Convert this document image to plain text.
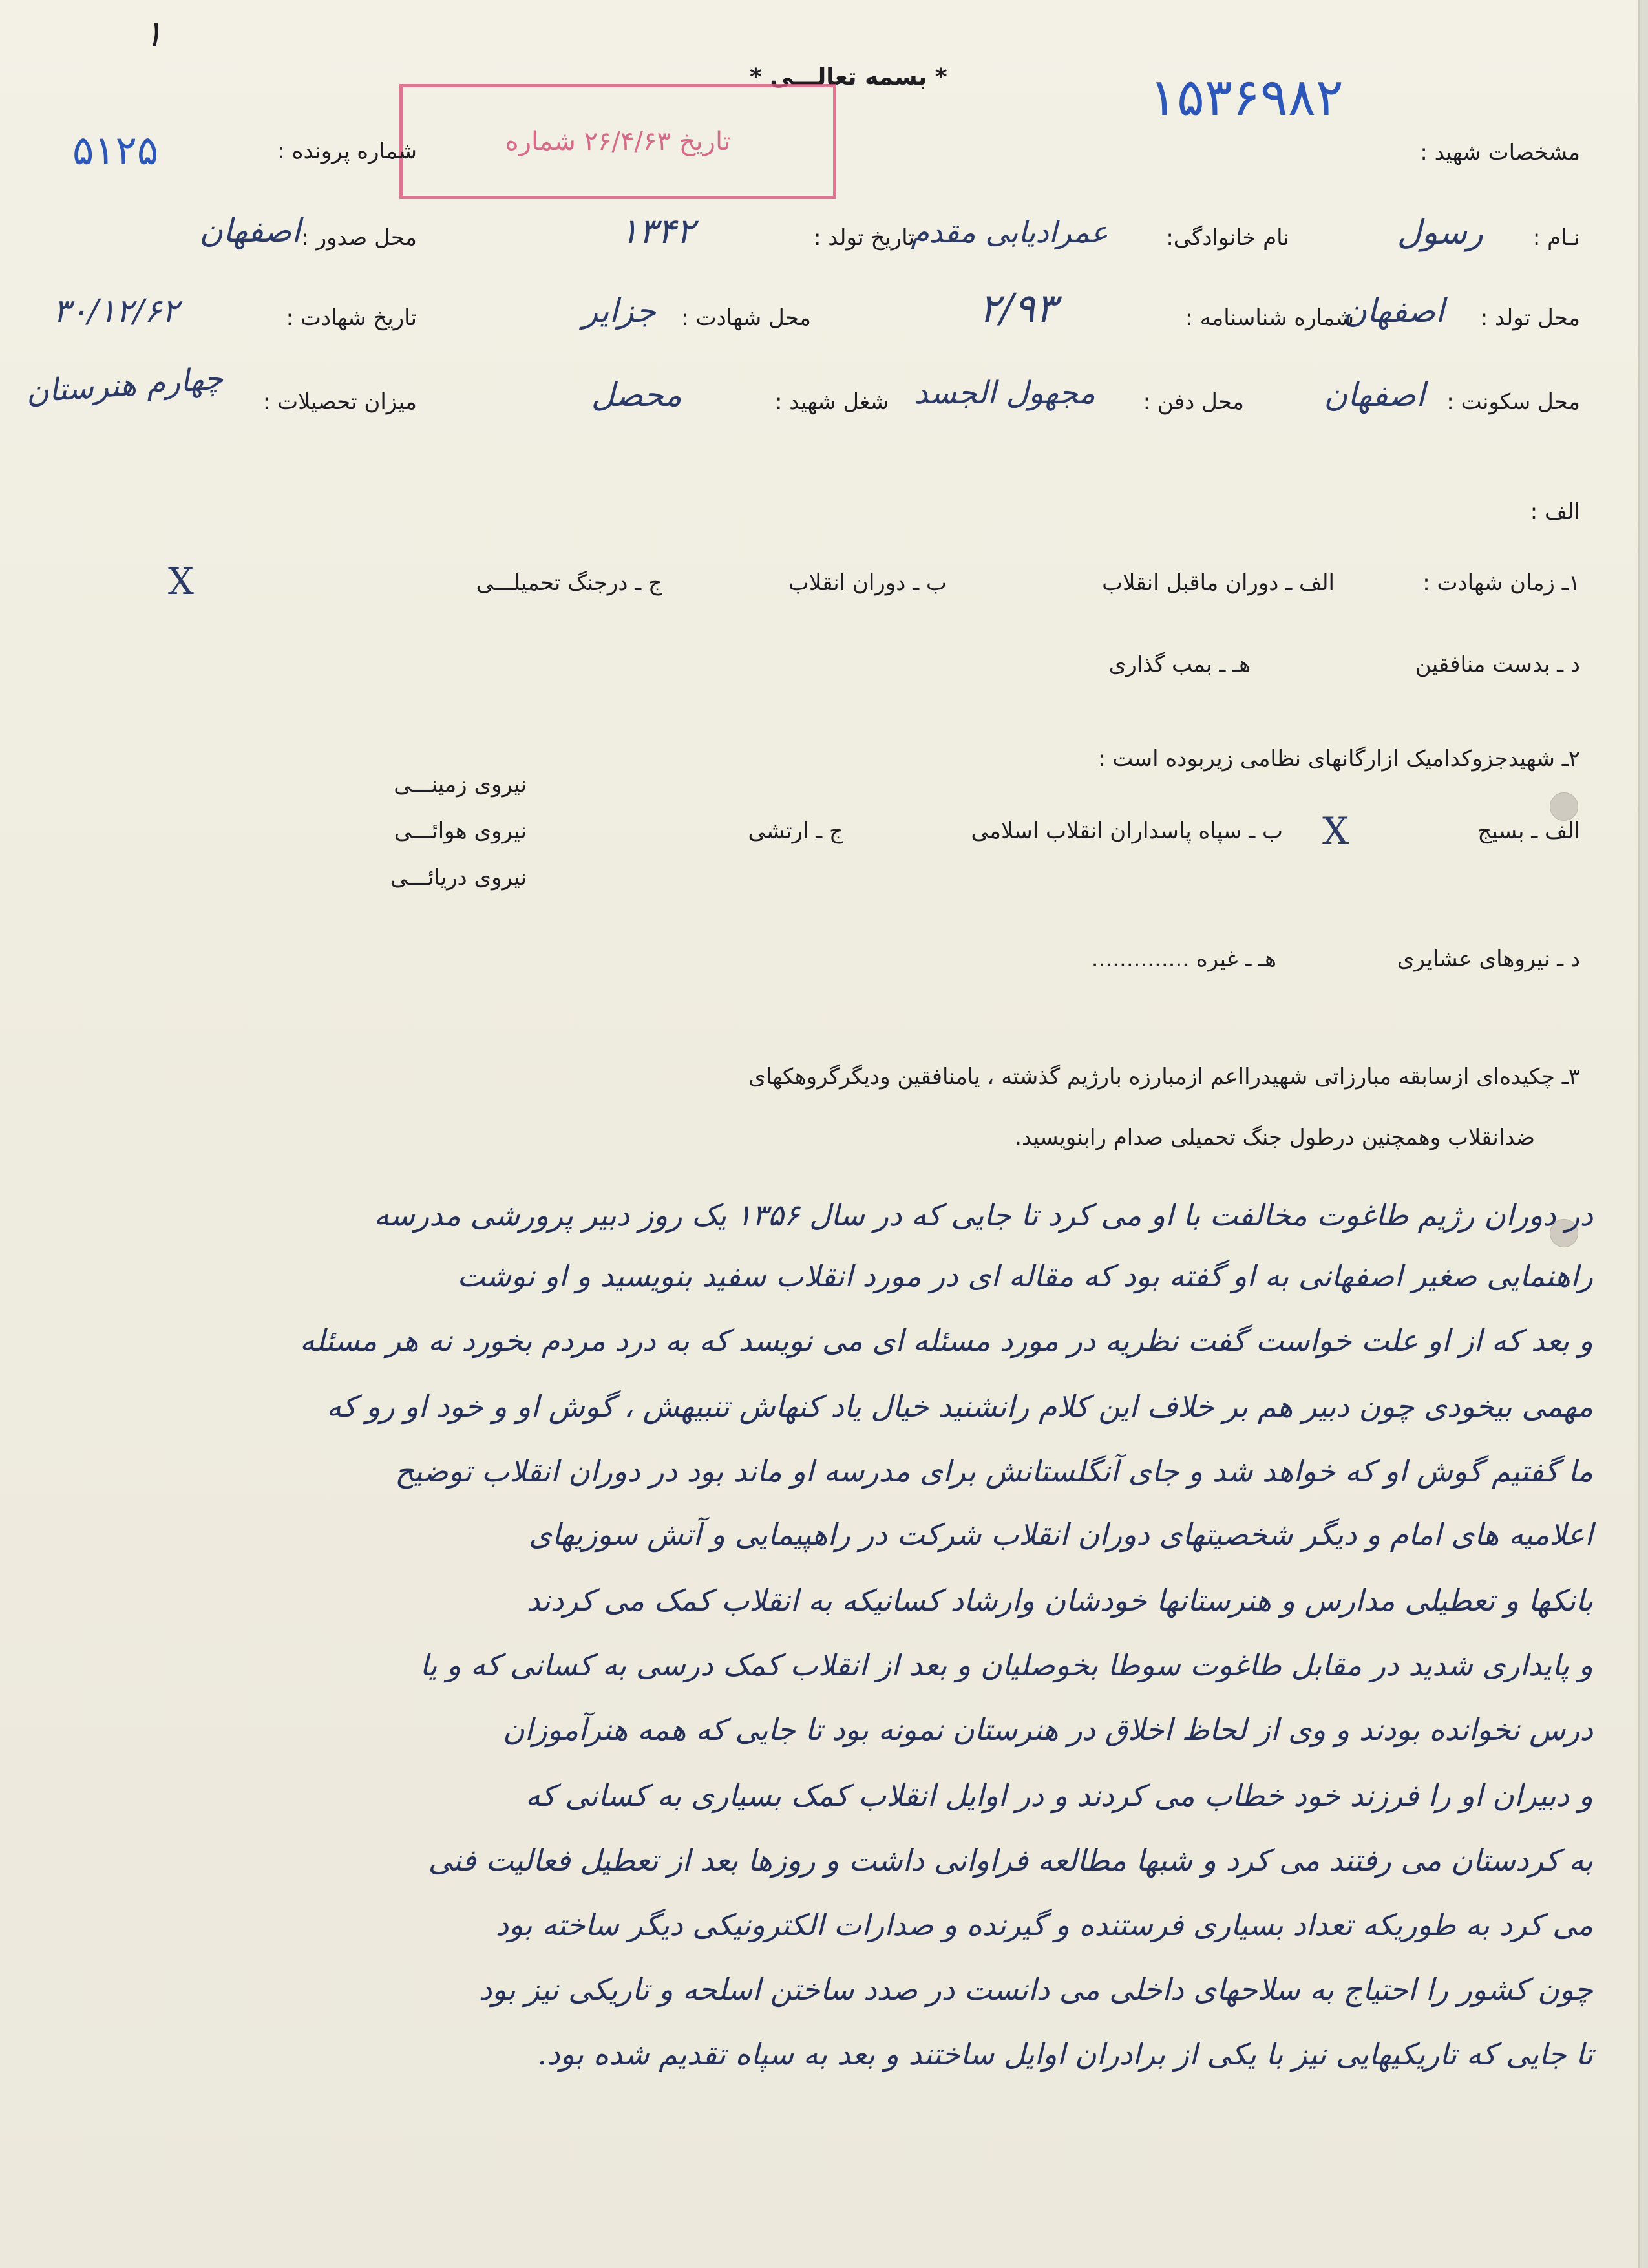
۱
* بسمه تعالـــی *	۱۵۳۶۹۸۲
تاریخ ۲۶/۴/۶۳ شماره
شماره پرونده :
۵۱۲۵	مشخصات شهید :
نـام :
رسول
نام خانوادگی:
عمرادیابی مقدم
تاریخ تولد :
۱۳۴۲
محل صدور :
اصفهان
محل تولد :
اصفهان
شماره شناسنامه :
۲/۹۳
محل شهادت :
جزایر
تاریخ شهادت :
۳۰/۱۲/۶۲
محل سکونت :
اصفهان
محل دفن :
مجهول الجسد
شغل شهید :
محصل
میزان تحصیلات :
چهارم هنرستان
الف :
۱ـ زمان شهادت :
الف ـ دوران ماقبل انقلاب
ب ـ دوران انقلاب
ج ـ درجنگ تحمیلـــی
X
د ـ بدست منافقین
هـ ـ بمب گذاری
۲ـ شهیدجزوکدامیک ازارگانهای نظامی زیربوده است :
نیروی زمینـــی
الف ـ بسیج
X
ب ـ سپاه پاسداران انقلاب اسلامی
ج ـ ارتشی
نیروی هوائـــی
نیروی دریائـــی
د ـ نیروهای عشایری
هـ ـ غیره ..............
۳ـ چکیده‌ای ازسابقه مبارزاتی شهیدرااعم ازمبارزه بارژیم گذشته ، یامنافقین ودیگرگروهکهای
ضدانقلاب وهمچنین درطول جنگ تحمیلی صدام رابنویسید.
در دوران رژیم طاغوت مخالفت با او می کرد تا جایی که در سال ۱۳۵۶ یک روز دبیر پرورشی مدرسه
راهنمایی صغیر اصفهانی به او گفته بود که مقاله ای در مورد انقلاب سفید بنویسید و او نوشت
و بعد که از او علت خواست گفت نظریه در مورد مسئله ای می نویسد که به درد مردم بخورد نه هر مسئله
مهمی بیخودی چون دبیر هم بر خلاف این کلام رانشنید خیال یاد کنهاش تنبیهش ، گوش او و خود او رو که
ما گفتیم گوش او که خواهد شد و جای آنگلستانش برای مدرسه او ماند بود در دوران انقلاب توضیح
اعلامیه های امام و دیگر شخصیتهای دوران انقلاب شرکت در راهپیمایی و آتش سوزیهای
بانکها و تعطیلی مدارس و هنرستانها خودشان وارشاد کسانیکه به انقلاب کمک می کردند
و پایداری شدید در مقابل طاغوت سوطا بخوصلیان و بعد از انقلاب کمک درسی به کسانی که و یا
درس نخوانده بودند و وی از لحاظ اخلاق در هنرستان نمونه بود تا جایی که همه هنرآموزان
و دبیران او را فرزند خود خطاب می کردند و در اوایل انقلاب کمک بسیاری به کسانی که
به کردستان می رفتند می کرد و شبها مطالعه فراوانی داشت و روزها بعد از تعطیل فعالیت فنی
می کرد به طوریکه تعداد بسیاری فرستنده و گیرنده و صدارات الکترونیکی دیگر ساخته بود
چون کشور را احتیاج به سلاحهای داخلی می دانست در صدد ساختن اسلحه و تاریکی نیز بود
تا جایی که تاریکیهایی نیز با یکی از برادران اوایل ساختند و بعد به سپاه تقدیم شده بود.
